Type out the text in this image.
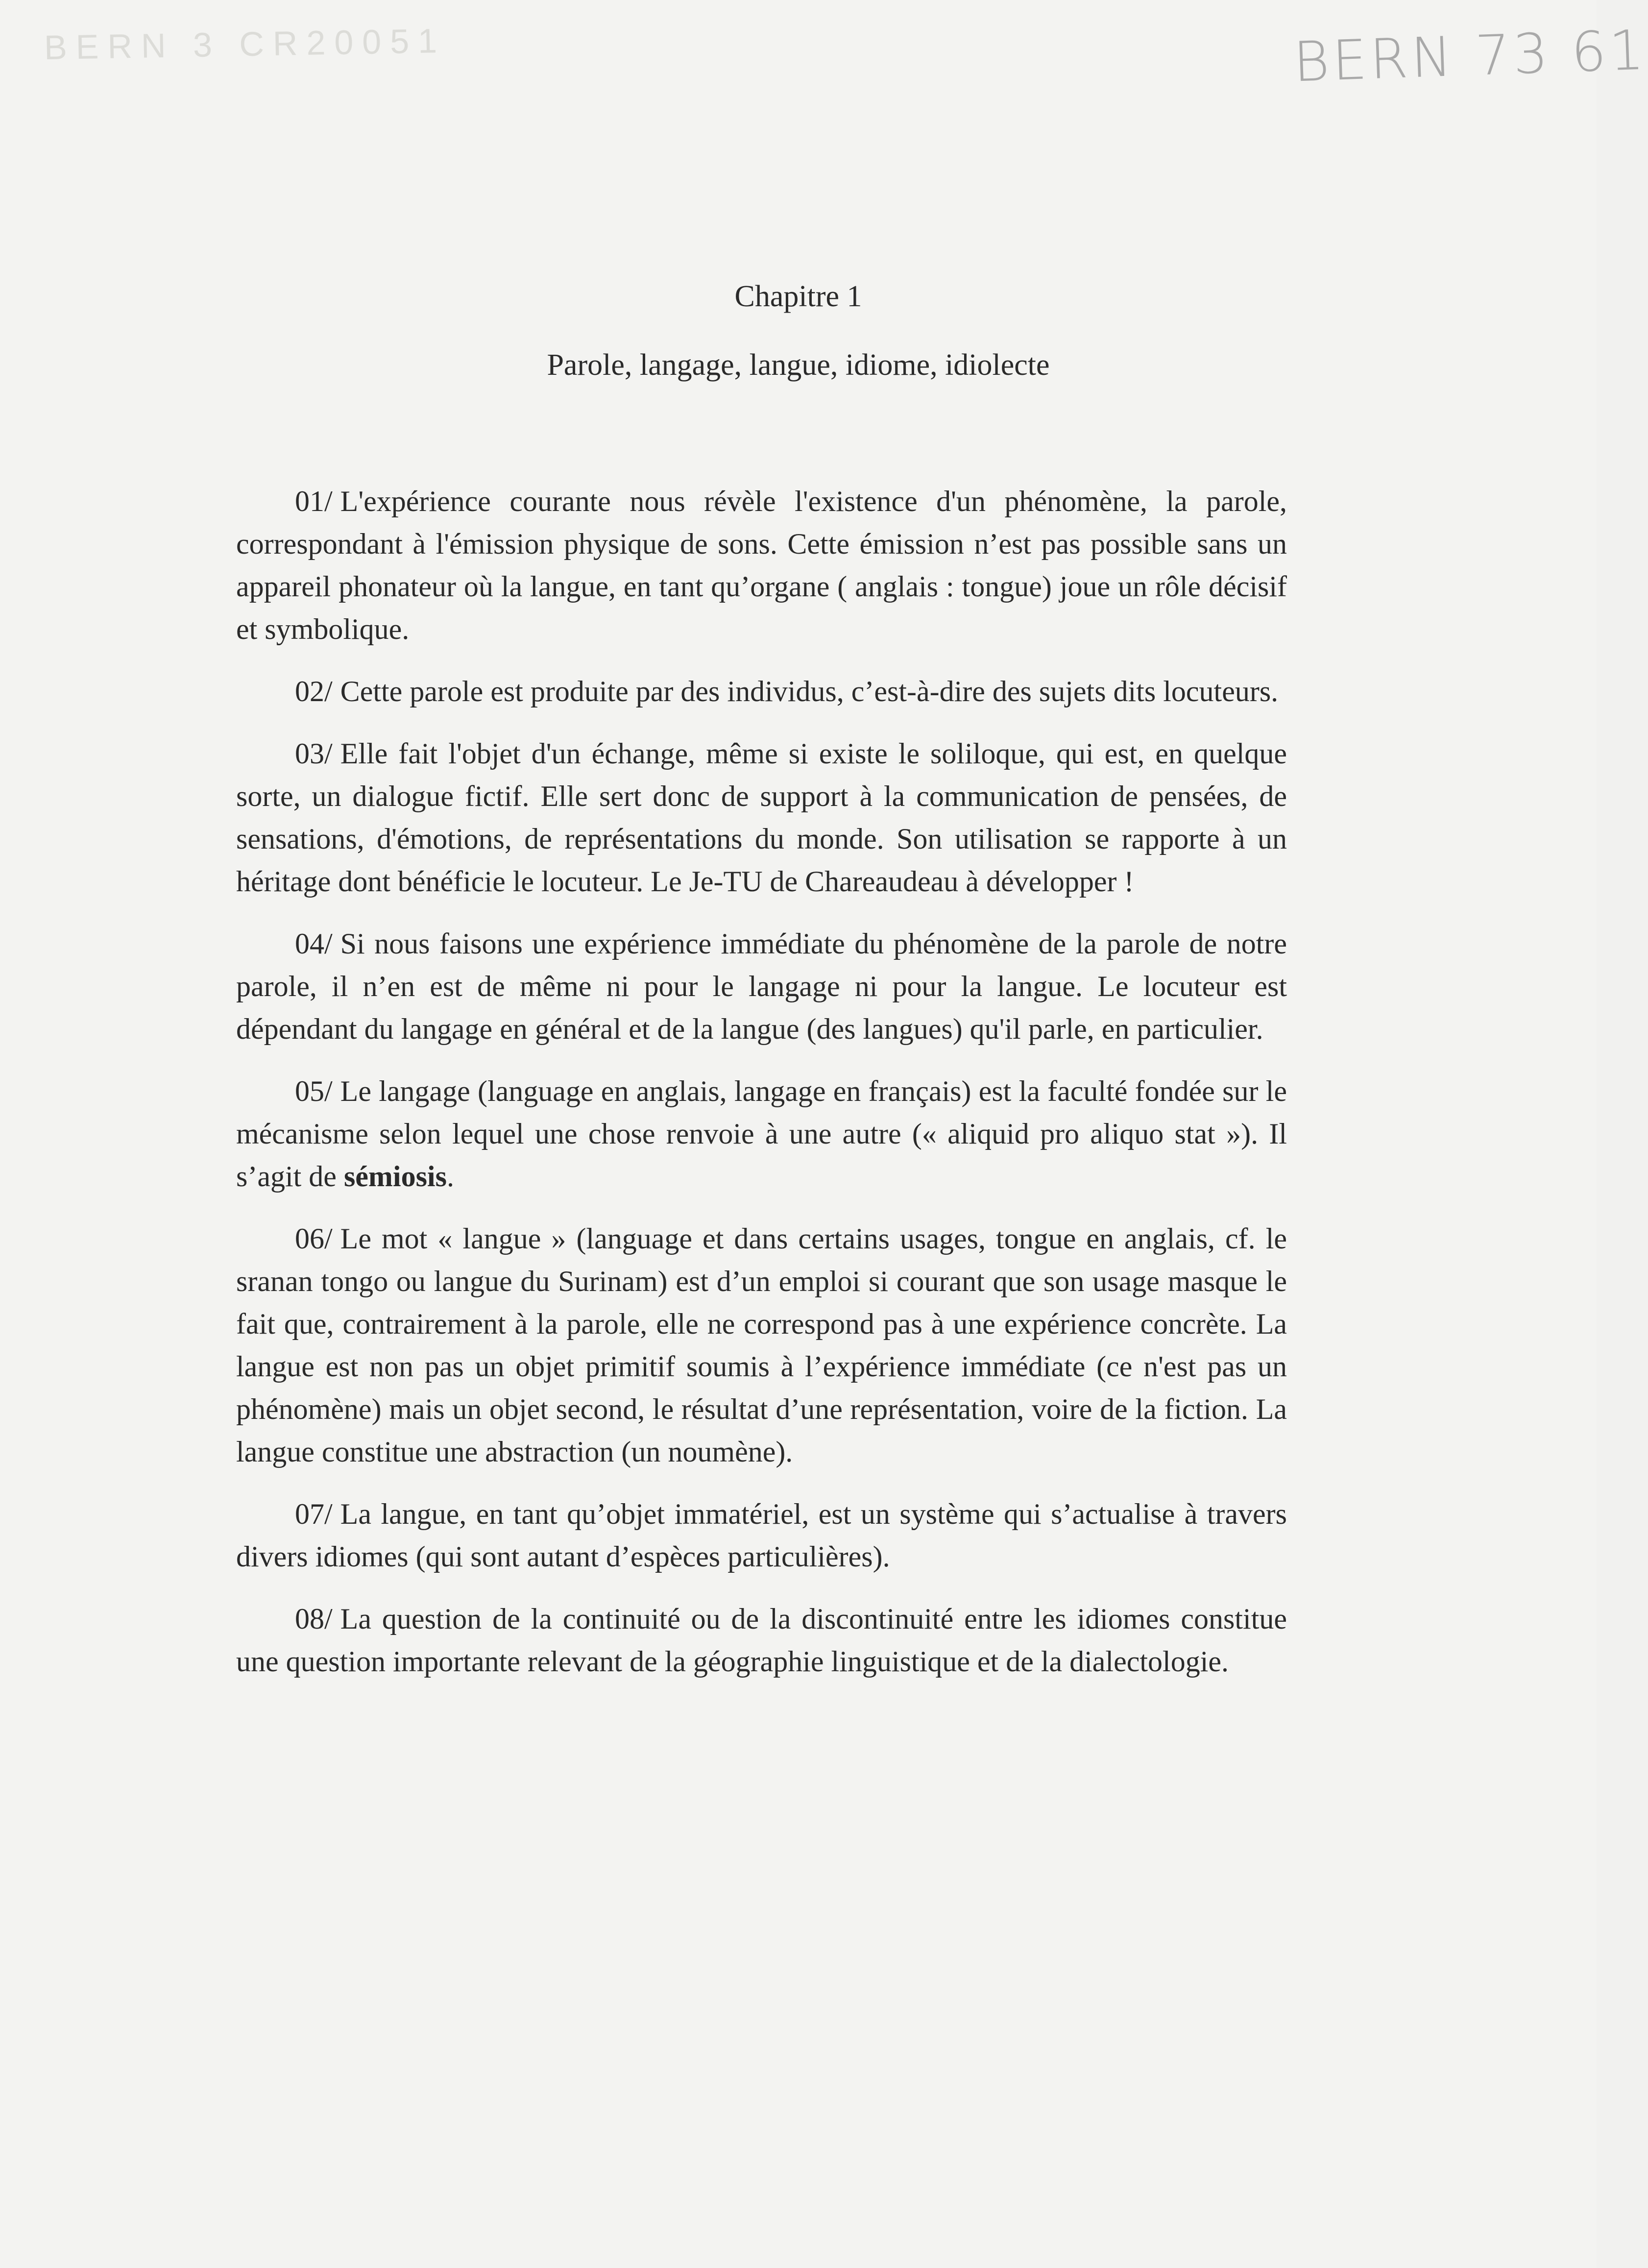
BERN 3 CR20051	BERN 73 61
Chapitre 1
Parole, langage, langue, idiome, idiolecte

01/ L'expérience courante nous révèle l'existence d'un phénomène, la parole, correspondant à l'émission physique de sons. Cette émission n’est pas possible sans un appareil phonateur où la langue, en tant qu’organe ( anglais : tongue) joue un rôle décisif et symbolique.

02/ Cette parole est produite par des individus, c’est-à-dire des sujets dits locuteurs.

03/ Elle fait l'objet d'un échange, même si existe le soliloque, qui est, en quelque sorte, un dialogue fictif. Elle sert donc de support à la communication de pensées, de sensations, d'émotions, de représentations du monde. Son utilisation se rapporte à un héritage dont bénéficie le locuteur. Le Je-TU de Chareaudeau à développer !

04/ Si nous faisons une expérience immédiate du phénomène de la parole de notre parole, il n’en est de même ni pour le langage ni pour la langue. Le locuteur est dépendant du langage en général et de la langue (des langues) qu'il parle, en particulier.

05/ Le langage (language en anglais, langage en français) est la faculté fondée sur le mécanisme selon lequel une chose renvoie à une autre (« aliquid pro aliquo stat »). Il s’agit de sémiosis.

06/ Le mot « langue » (language et dans certains usages, tongue en anglais, cf. le sranan tongo ou langue du Surinam) est d’un emploi si courant que son usage masque le fait que, contrairement à la parole, elle ne correspond pas à une expérience concrète. La langue est non pas un objet primitif soumis à l’expérience immédiate (ce n'est pas un phénomène) mais un objet second, le résultat d’une représentation, voire de la fiction. La langue constitue une abstraction (un noumène).

07/ La langue, en tant qu’objet immatériel, est un système qui s’actualise à travers divers idiomes (qui sont autant d’espèces particulières).

08/ La question de la continuité ou de la discontinuité entre les idiomes constitue une question importante relevant de la géographie linguistique et de la dialectologie.
